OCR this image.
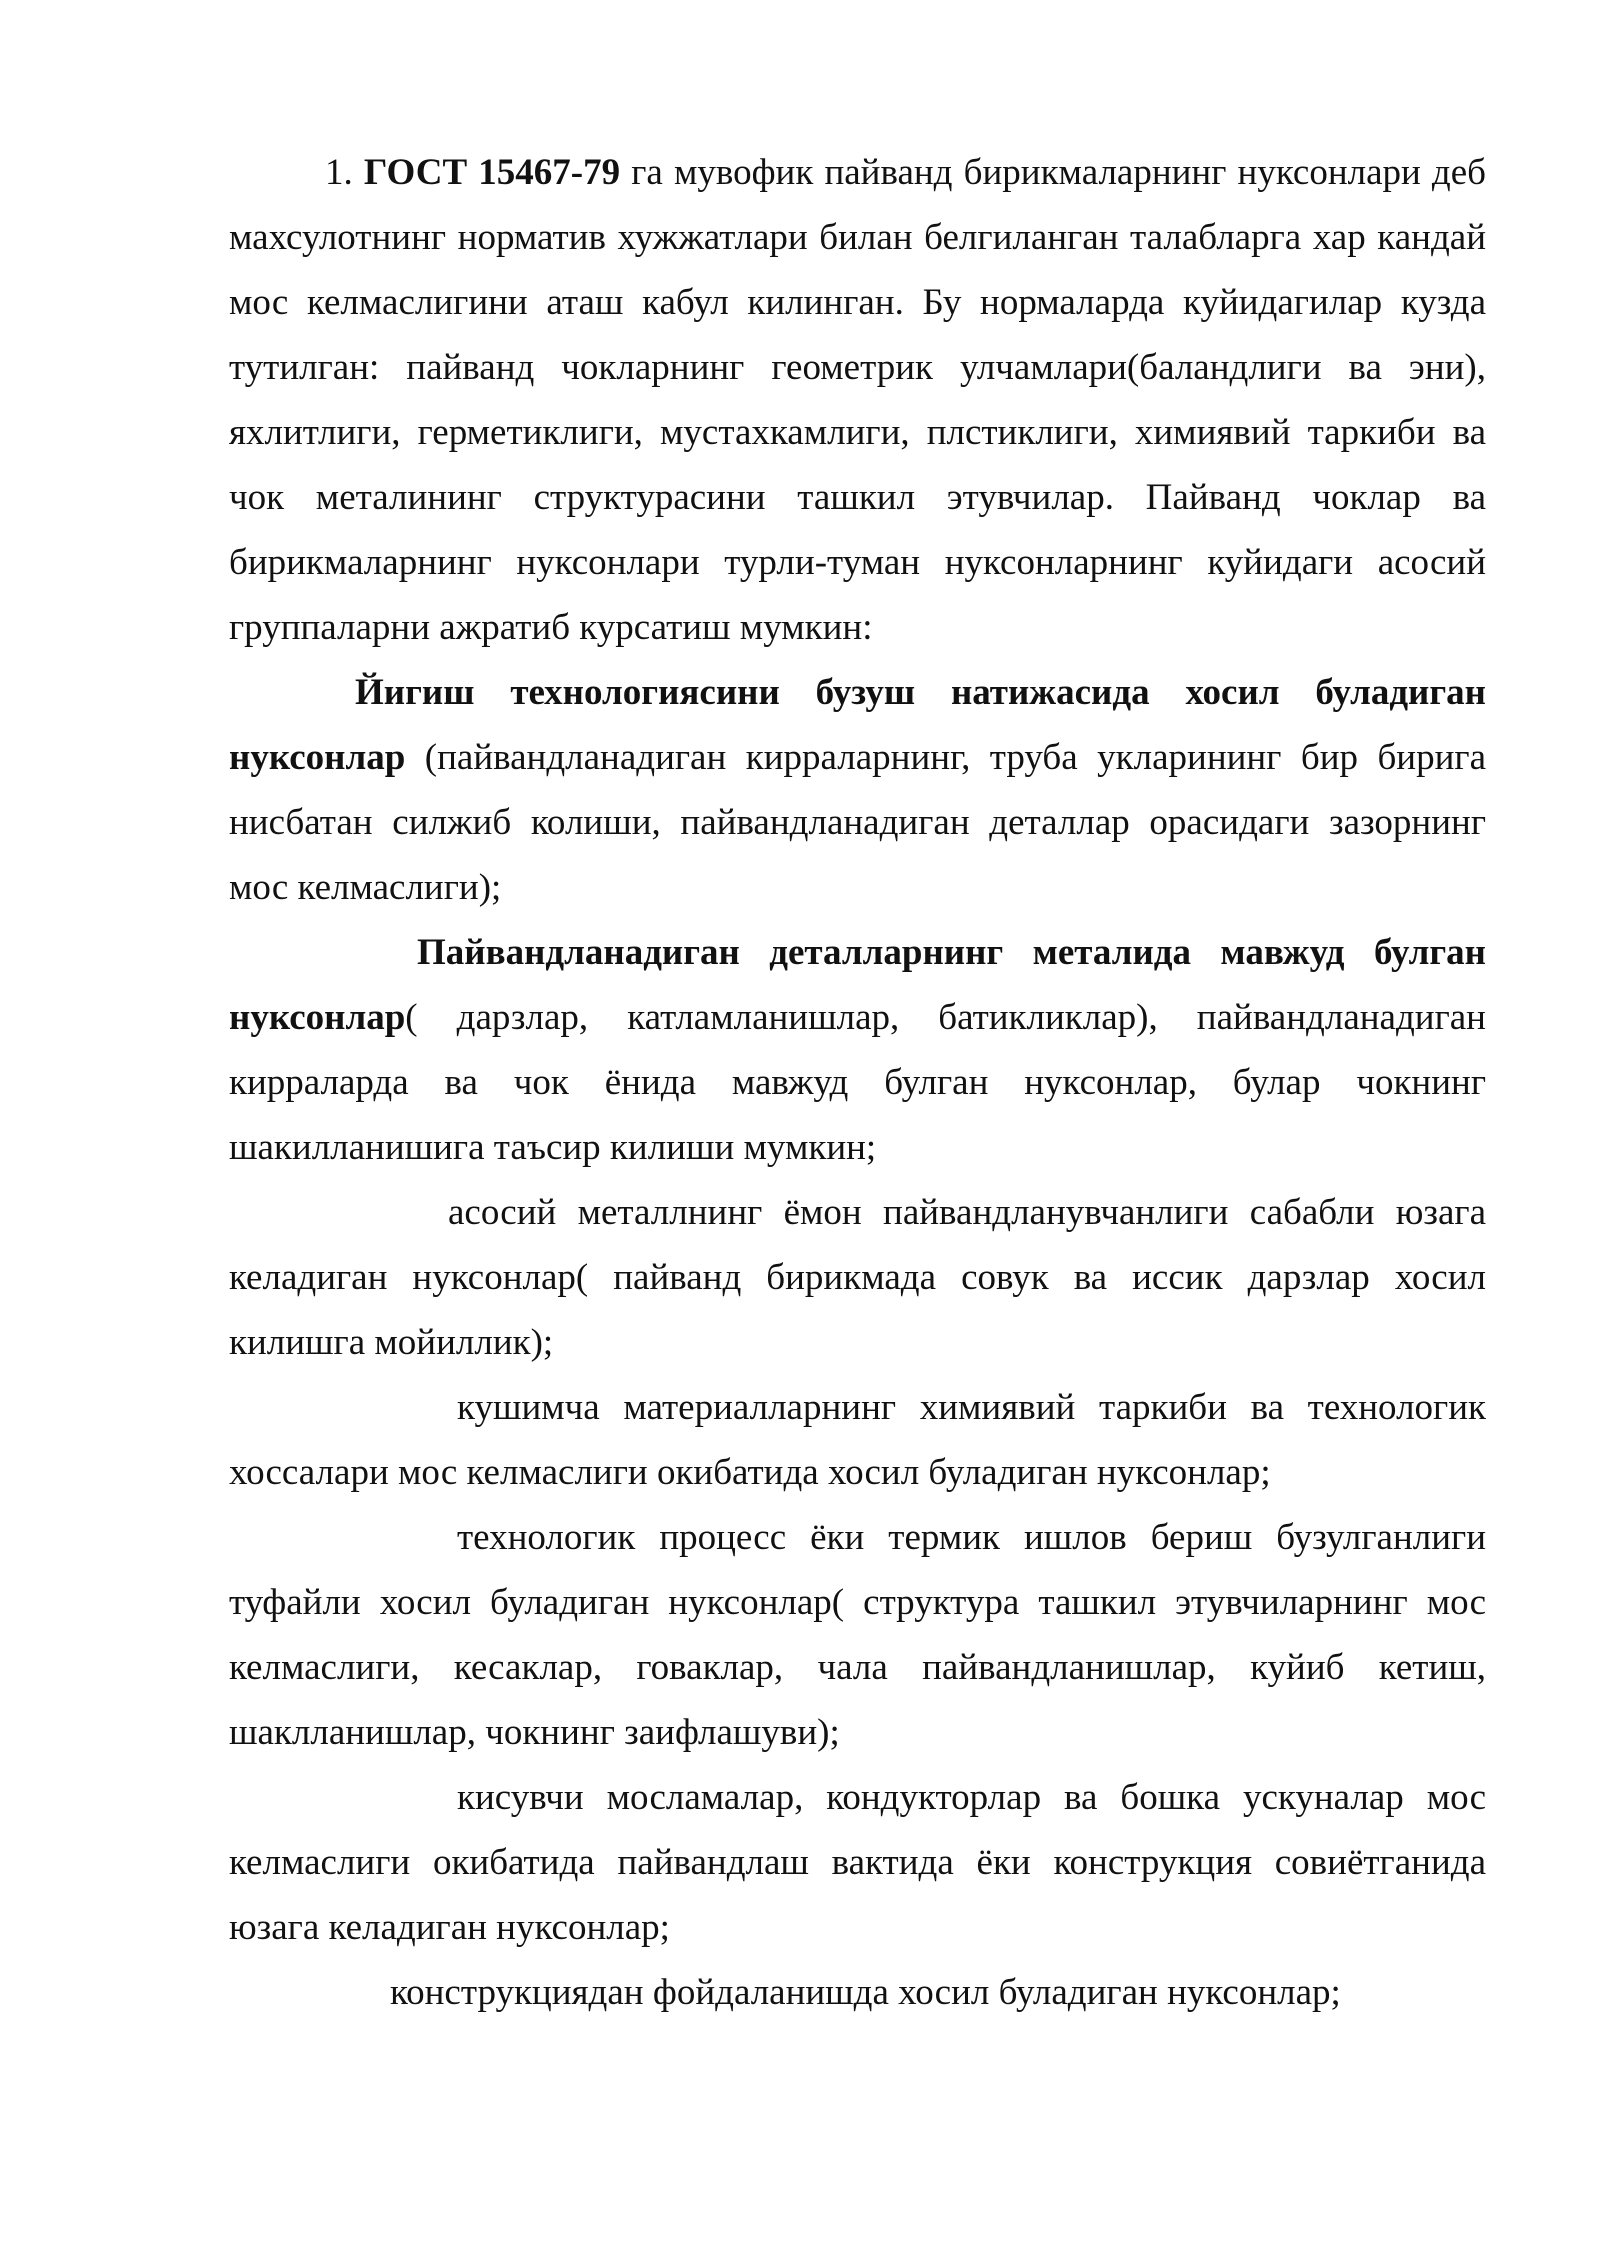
1. ГОСТ 15467-79 га мувофик пайванд бирикмаларнинг нуксонлари деб махсулотнинг норматив хужжатлари билан белгиланган талабларга хар кандай мос келмаслигини аташ кабул килинган. Бу нормаларда куйидагилар кузда тутилган: пайванд чокларнинг геометрик улчамлари(баландлиги ва эни), яхлитлиги, герметиклиги, мустахкамлиги, плстиклиги, химиявий таркиби ва чок металининг структурасини ташкил этувчилар. Пайванд чоклар ва бирикмаларнинг нуксонлари турли-туман нуксонларнинг куйидаги асосий группаларни ажратиб курсатиш мумкин:

Йигиш технологиясини бузуш натижасида хосил буладиган нуксонлар (пайвандланадиган кирраларнинг, труба укларининг бир бирига нисбатан силжиб колиши, пайвандланадиган деталлар орасидаги зазорнинг мос келмаслиги);

Пайвандланадиган деталларнинг металида мавжуд булган нуксонлар( дарзлар, катламланишлар, батикликлар), пайвандланадиган кирраларда ва чок ёнида мавжуд булган нуксонлар, булар чокнинг шакилланишига таъсир килиши мумкин;

асосий металлнинг ёмон пайвандланувчанлиги сабабли юзага келадиган нуксонлар( пайванд бирикмада совук ва иссик дарзлар хосил килишга мойиллик);

кушимча материалларнинг химиявий таркиби ва технологик хоссалари мос келмаслиги окибатида хосил буладиган нуксонлар;

технологик процесс ёки термик ишлов бериш бузулганлиги туфайли хосил буладиган нуксонлар( структура ташкил этувчиларнинг мос келмаслиги, кесаклар, говаклар, чала пайвандланишлар, куйиб кетиш, шаклланишлар, чокнинг заифлашуви);

кисувчи мосламалар, кондукторлар ва бошка ускуналар мос келмаслиги окибатида пайвандлаш вактида ёки конструкция совиётганида юзага келадиган нуксонлар;

конструкциядан фойдаланишда хосил буладиган нуксонлар;
